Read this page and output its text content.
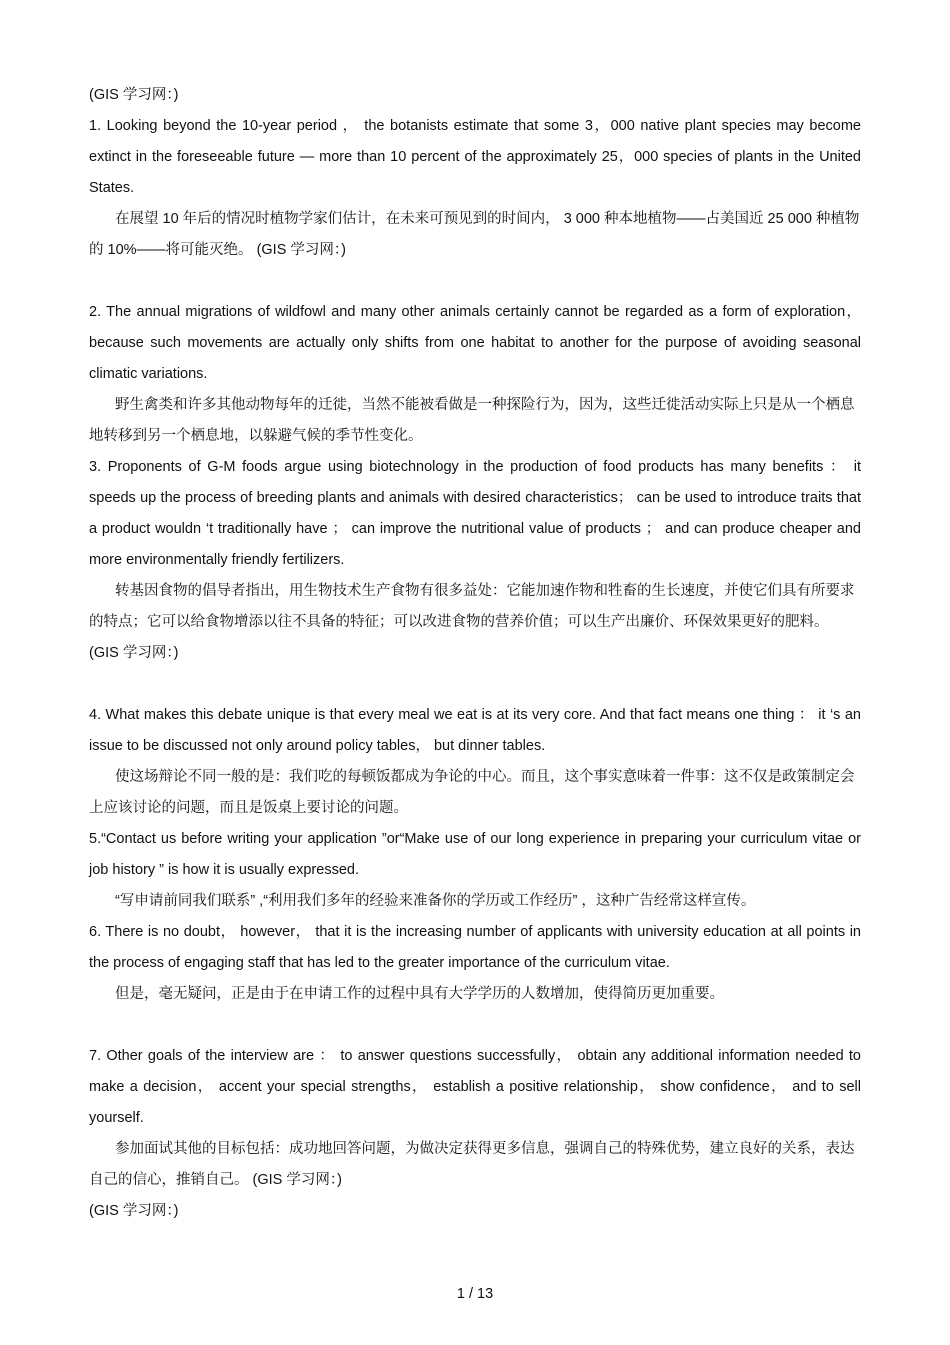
(GIS 学习网：)
1. Looking beyond the 10-year period ， the botanists estimate that some 3，000 native plant species may become extinct in the foreseeable future — more than 10 percent of the approximately 25，000 species of plants in the United States.
在展望 10 年后的情况时植物学家们估计，在未来可预见到的时间内， 3 000 种本地植物——占美国近 25 000 种植物的 10%——将可能灭绝。 (GIS 学习网：)
2. The annual migrations of wildfowl and many other animals certainly cannot be regarded as a form of exploration， because such movements are actually only shifts from one habitat to another for the purpose of avoiding seasonal climatic variations.
野生禽类和许多其他动物每年的迁徙，当然不能被看做是一种探险行为，因为，这些迁徙活动实际上只是从一个栖息地转移到另一个栖息地，以躲避气候的季节性变化。
3. Proponents of G-M foods argue using biotechnology in the production of food products has many benefits ： it speeds up the process of breeding plants and animals with desired characteristics； can be used to introduce traits that a product wouldn ‘t traditionally have ； can improve the nutritional value of products ； and can produce cheaper and more environmentally friendly fertilizers.
转基因食物的倡导者指出，用生物技术生产食物有很多益处：它能加速作物和牲畜的生长速度，并使它们具有所要求的特点；它可以给食物增添以往不具备的特征；可以改进食物的营养价值；可以生产出廉价、环保效果更好的肥料。
(GIS 学习网：)
4. What makes this debate unique is that every meal we eat is at its very core. And that fact means one thing ： it ‘s an issue to be discussed not only around policy tables， but dinner tables.
使这场辩论不同一般的是：我们吃的每顿饭都成为争论的中心。而且，这个事实意味着一件事：这不仅是政策制定会上应该讨论的问题，而且是饭桌上要讨论的问题。
5.“Contact us before writing your application ”or“Make use of our long experience in preparing your curriculum vitae or job history ” is how it is usually expressed.
“写申请前同我们联系” ,“利用我们多年的经验来准备你的学历或工作经历” ，这种广告经常这样宣传。
6. There is no doubt， however， that it is the increasing number of applicants with university education at all points in the process of engaging staff that has led to the greater importance of the curriculum vitae.
但是，毫无疑问，正是由于在申请工作的过程中具有大学学历的人数增加，使得简历更加重要。
7. Other goals of the interview are ： to answer questions successfully， obtain any additional information needed to make a decision， accent your special strengths， establish a positive relationship， show confidence， and to sell yourself.
参加面试其他的目标包括：成功地回答问题，为做决定获得更多信息，强调自己的特殊优势，建立良好的关系，表达自己的信心，推销自己。 (GIS 学习网：)
(GIS 学习网：)
1 / 13
